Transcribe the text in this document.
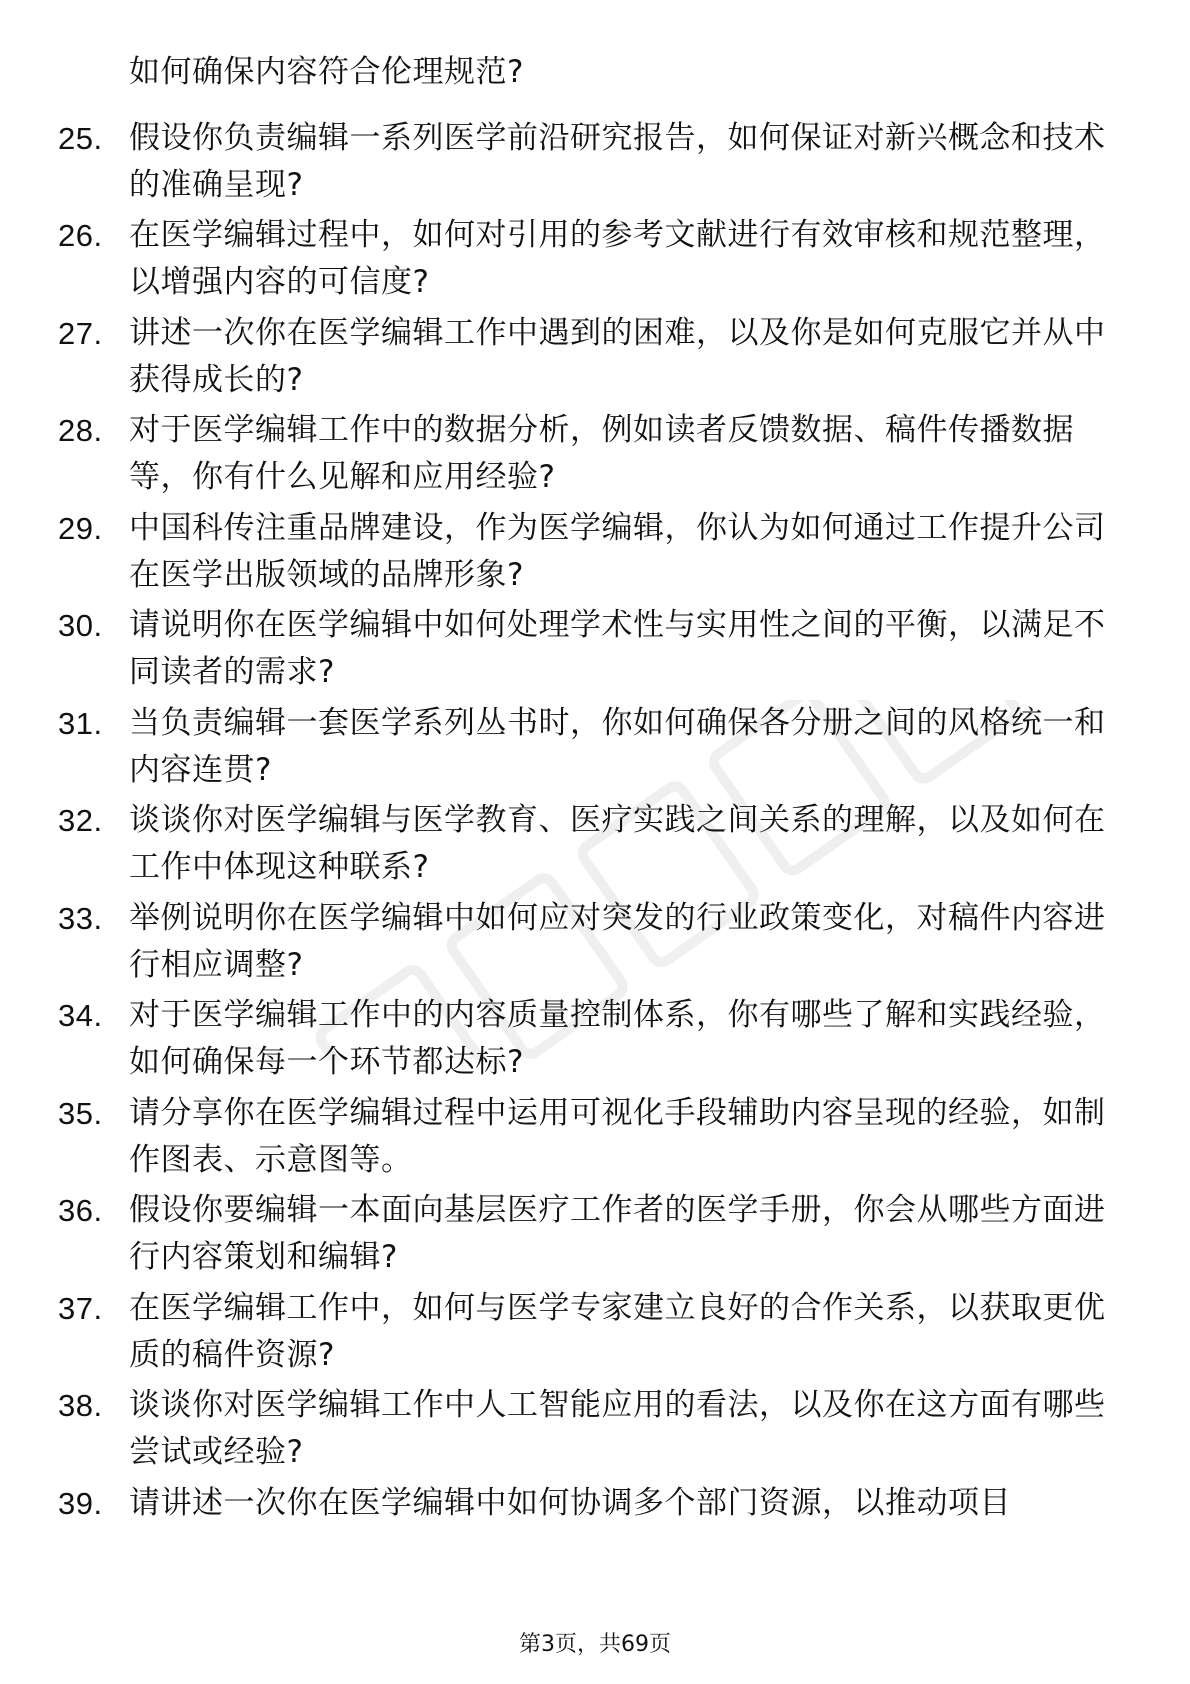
如何确保内容符合伦理规范?
25. 假设你负责编辑一系列医学前沿研究报告，如何保证对新兴概念和技术的准确呈现?
26. 在医学编辑过程中，如何对引用的参考文献进行有效审核和规范整理，以增强内容的可信度?
27. 讲述一次你在医学编辑工作中遇到的困难，以及你是如何克服它并从中获得成长的?
28. 对于医学编辑工作中的数据分析，例如读者反馈数据、稿件传播数据等，你有什么见解和应用经验?
29. 中国科传注重品牌建设，作为医学编辑，你认为如何通过工作提升公司在医学出版领域的品牌形象?
30. 请说明你在医学编辑中如何处理学术性与实用性之间的平衡，以满足不同读者的需求?
31. 当负责编辑一套医学系列丛书时，你如何确保各分册之间的风格统一和内容连贯?
32. 谈谈你对医学编辑与医学教育、医疗实践之间关系的理解，以及如何在工作中体现这种联系?
33. 举例说明你在医学编辑中如何应对突发的行业政策变化，对稿件内容进行相应调整?
34. 对于医学编辑工作中的内容质量控制体系，你有哪些了解和实践经验，如何确保每一个环节都达标?
35. 请分享你在医学编辑过程中运用可视化手段辅助内容呈现的经验，如制作图表、示意图等。
36. 假设你要编辑一本面向基层医疗工作者的医学手册，你会从哪些方面进行内容策划和编辑?
37. 在医学编辑工作中，如何与医学专家建立良好的合作关系，以获取更优质的稿件资源?
38. 谈谈你对医学编辑工作中人工智能应用的看法，以及你在这方面有哪些尝试或经验?
39. 请讲述一次你在医学编辑中如何协调多个部门资源，以推动项目
第3页，共69页
